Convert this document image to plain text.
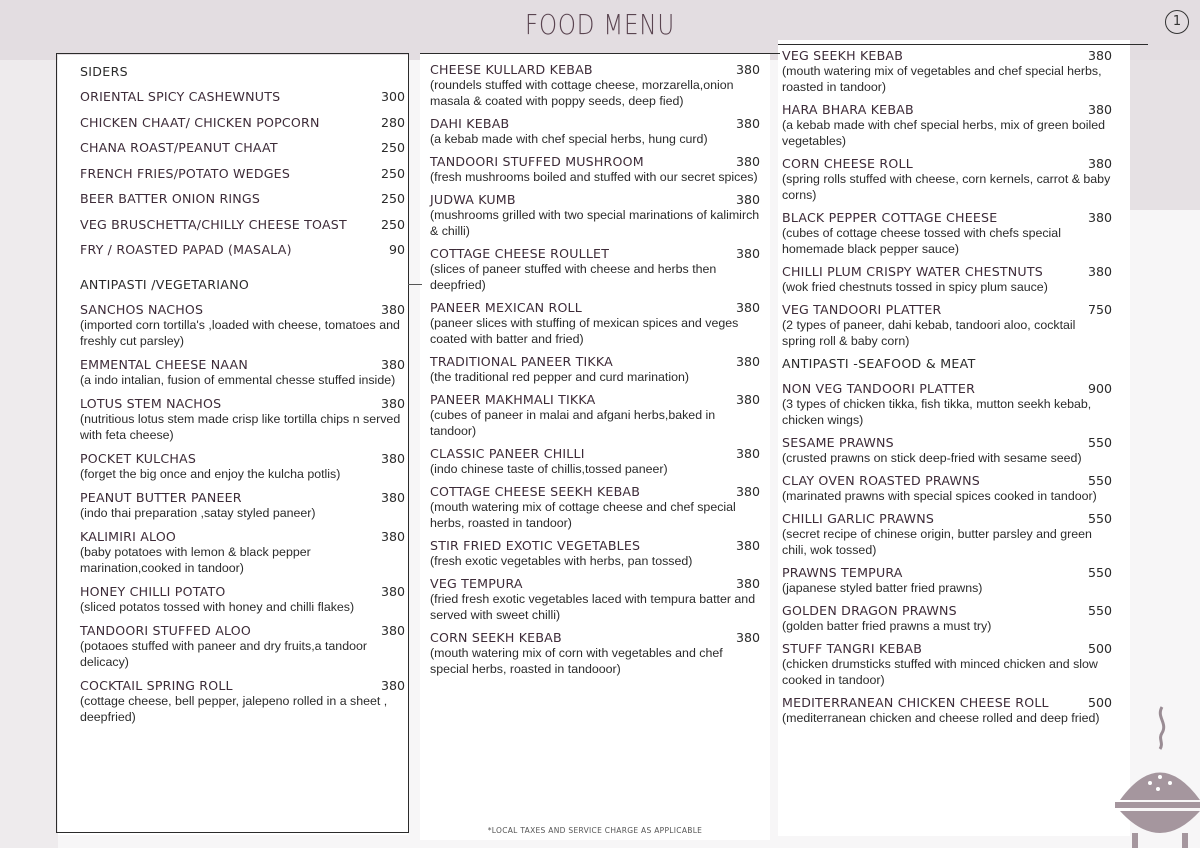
FOOD MENU	1
SIDERS
ORIENTAL SPICY CASHEWNUTS	300
CHICKEN CHAAT/ CHICKEN POPCORN	280
CHANA ROAST/PEANUT CHAAT	250
FRENCH FRIES/POTATO WEDGES	250
BEER BATTER ONION RINGS	250
VEG BRUSCHETTA/CHILLY CHEESE TOAST	250
FRY / ROASTED PAPAD (MASALA)	90
ANTIPASTI /VEGETARIANO
SANCHOS NACHOS	380
(imported corn tortilla's ,loaded with cheese, tomatoes and freshly cut parsley)
EMMENTAL CHEESE NAAN	380
(a indo intalian, fusion of emmental chesse stuffed inside)
LOTUS STEM NACHOS	380
(nutritious lotus stem made crisp like tortilla chips n served with feta cheese)
POCKET KULCHAS	380
(forget the big once and enjoy the kulcha potlis)
PEANUT BUTTER PANEER	380
(indo thai preparation ,satay styled paneer)
KALIMIRI ALOO	380
(baby potatoes with lemon & black pepper marination,cooked in tandoor)
HONEY CHILLI POTATO	380
(sliced potatos tossed with honey and chilli flakes)
TANDOORI STUFFED ALOO	380
(potaoes stuffed with paneer and dry fruits,a tandoor delicacy)
COCKTAIL SPRING ROLL	380
(cottage cheese, bell pepper, jalepeno rolled in a sheet , deepfried)
CHEESE KULLARD KEBAB	380
(roundels stuffed with cottage cheese, morzarella,onion masala & coated with poppy seeds, deep fied)
DAHI KEBAB	380
(a kebab made with chef special herbs, hung curd)
TANDOORI STUFFED MUSHROOM	380
(fresh mushrooms boiled and stuffed with our secret spices)
JUDWA KUMB	380
(mushrooms grilled with two special marinations of kalimirch & chilli)
COTTAGE CHEESE ROULLET	380
(slices of paneer stuffed with cheese and herbs then deepfried)
PANEER MEXICAN ROLL	380
(paneer slices with stuffing of mexican spices and veges coated with batter and fried)
TRADITIONAL PANEER TIKKA	380
(the traditional red pepper and curd marination)
PANEER MAKHMALI TIKKA	380
(cubes of paneer in malai and afgani herbs,baked in tandoor)
CLASSIC PANEER CHILLI	380
(indo chinese taste of chillis,tossed paneer)
COTTAGE CHEESE SEEKH KEBAB	380
(mouth watering mix of cottage cheese and chef special herbs, roasted in tandoor)
STIR FRIED EXOTIC VEGETABLES	380
(fresh exotic vegetables with herbs, pan tossed)
VEG TEMPURA	380
(fried fresh exotic vegetables laced with tempura batter and served with sweet chilli)
CORN SEEKH KEBAB	380
(mouth watering mix of corn with vegetables and chef special herbs, roasted in tandooor)
VEG SEEKH KEBAB	380
(mouth watering mix of vegetables and chef special herbs, roasted in tandoor)
HARA BHARA KEBAB	380
(a kebab made with chef special herbs, mix of green boiled vegetables)
CORN CHEESE ROLL	380
(spring rolls stuffed with cheese, corn kernels, carrot & baby corns)
BLACK PEPPER COTTAGE CHEESE	380
(cubes of cottage cheese tossed with chefs special homemade black pepper sauce)
CHILLI PLUM CRISPY WATER CHESTNUTS	380
(wok fried chestnuts tossed in spicy plum sauce)
VEG TANDOORI PLATTER	750
(2 types of paneer, dahi kebab, tandoori aloo, cocktail spring roll & baby corn)
ANTIPASTI -SEAFOOD & MEAT
NON VEG TANDOORI PLATTER	900
(3 types of chicken tikka, fish tikka, mutton seekh kebab, chicken wings)
SESAME PRAWNS	550
(crusted prawns on stick deep-fried with sesame seed)
CLAY OVEN ROASTED PRAWNS	550
(marinated prawns with special spices cooked in tandoor)
CHILLI GARLIC PRAWNS	550
(secret recipe of chinese origin, butter parsley and green chili, wok tossed)
PRAWNS TEMPURA	550
(japanese styled batter fried prawns)
GOLDEN DRAGON PRAWNS	550
(golden batter fried prawns a must try)
STUFF TANGRI KEBAB	500
(chicken drumsticks stuffed with minced chicken and slow cooked in tandoor)
MEDITERRANEAN CHICKEN CHEESE ROLL	500
(mediterranean chicken and cheese rolled and deep fried)
*LOCAL TAXES AND SERVICE CHARGE AS APPLICABLE
